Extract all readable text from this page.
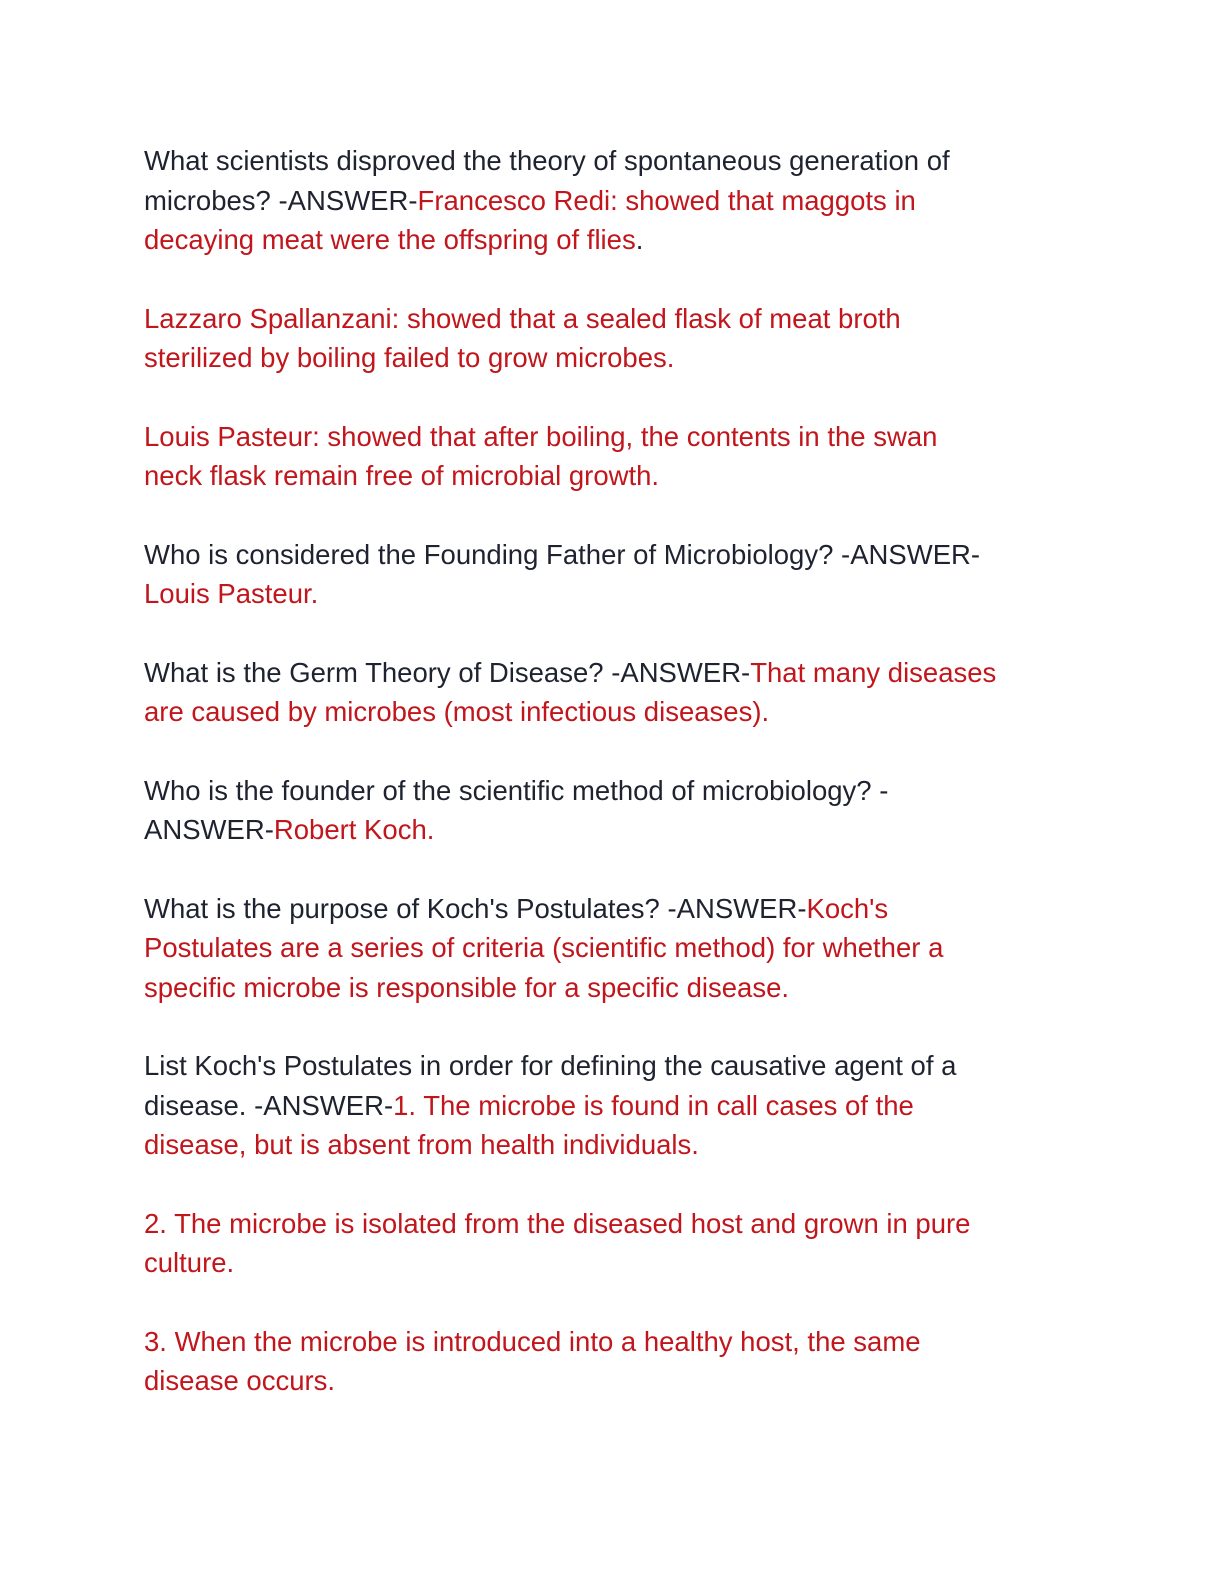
What scientists disproved the theory of spontaneous generation of
microbes? -ANSWER-Francesco Redi: showed that maggots in
decaying meat were the offspring of flies.

Lazzaro Spallanzani: showed that a sealed flask of meat broth
sterilized by boiling failed to grow microbes.

Louis Pasteur: showed that after boiling, the contents in the swan
neck flask remain free of microbial growth.

Who is considered the Founding Father of Microbiology? -ANSWER-
Louis Pasteur.

What is the Germ Theory of Disease? -ANSWER-That many diseases
are caused by microbes (most infectious diseases).

Who is the founder of the scientific method of microbiology? -
ANSWER-Robert Koch.

What is the purpose of Koch's Postulates? -ANSWER-Koch's
Postulates are a series of criteria (scientific method) for whether a
specific microbe is responsible for a specific disease.

List Koch's Postulates in order for defining the causative agent of a
disease. -ANSWER-1. The microbe is found in call cases of the
disease, but is absent from health individuals.

2. The microbe is isolated from the diseased host and grown in pure
culture.

3. When the microbe is introduced into a healthy host, the same
disease occurs.
